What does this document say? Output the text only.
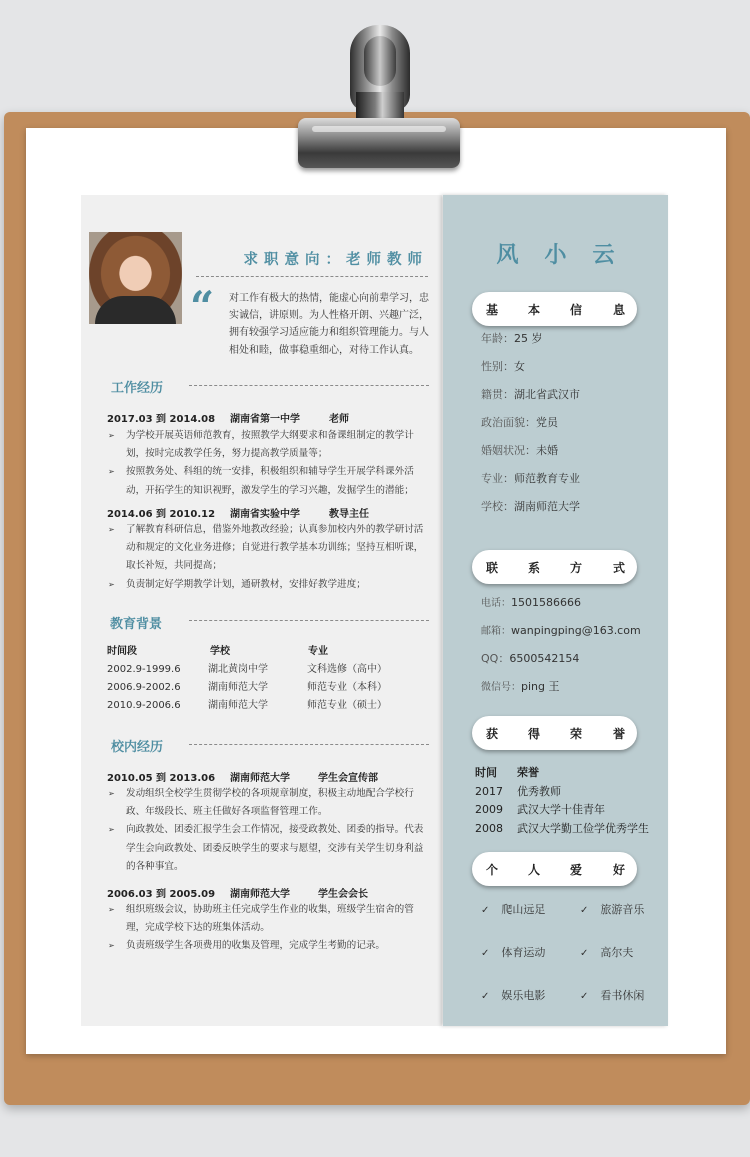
求职意向：老师教师
“ 对工作有极大的热情，能虚心向前辈学习，忠实诚信，讲原则。为人性格开朗、兴趣广泛，拥有较强学习适应能力和组织管理能力。与人相处和睦，做事稳重细心，对待工作认真。
工作经历
2017.03 到 2014.08 湖南省第一中学	老师
➢ 为学校开展英语师范教育，按照教学大纲要求和备课组制定的教学计划，按时完成教学任务，努力提高教学质量等；
➢ 按照教务处、科组的统一安排，积极组织和辅导学生开展学科课外活动，开拓学生的知识视野，激发学生的学习兴趣，发掘学生的潜能；
2014.06 到 2010.12 湖南省实验中学	教导主任
➢ 了解教育科研信息，借鉴外地教改经验；认真参加校内外的教学研讨活动和规定的文化业务进修；自觉进行教学基本功训练；坚持互相听课，取长补短，共同提高；
➢ 负责制定好学期教学计划，通研教材，安排好教学进度；
教育背景
时间段	学校	专业
2002.9-1999.6	湖北黄岗中学	文科选修（高中）
2006.9-2002.6	湖南师范大学	师范专业（本科）
2010.9-2006.6	湖南师范大学	师范专业（硕士）
校内经历
2010.05 到 2013.06 湖南师范大学	学生会宣传部
➢ 发动组织全校学生贯彻学校的各项规章制度，积极主动地配合学校行政、年级段长、班主任做好各项监督管理工作。
➢ 向政教处、团委汇报学生会工作情况，接受政教处、团委的指导。代表学生会向政教处、团委反映学生的要求与愿望，交涉有关学生切身利益的各种事宜。
2006.03 到 2005.09 湖南师范大学	学生会会长
➢ 组织班级会议，协助班主任完成学生作业的收集，班级学生宿舍的管理，完成学校下达的班集体活动。
➢ 负责班级学生各项费用的收集及管理，完成学生考勤的记录。
风小云
基 本 信	息
年龄：25 岁
性别：女
籍贯：湖北省武汉市
政治面貌：党员
婚姻状况：未婚
专业：师范教育专业
学校：湖南师范大学
联 系 方	式
电话：1501586666
邮箱：wanpingping@163.com
QQ：6500542154
微信号：ping 王
获 得 荣	誉
时间 荣誉
2017 优秀教师
2009 武汉大学十佳青年
2008 武汉大学勤工俭学优秀学生
个 人 爱	好
✓ 爬山远足	✓ 旅游音乐
✓ 体育运动	✓ 高尔夫
✓ 娱乐电影	✓ 看书休闲
